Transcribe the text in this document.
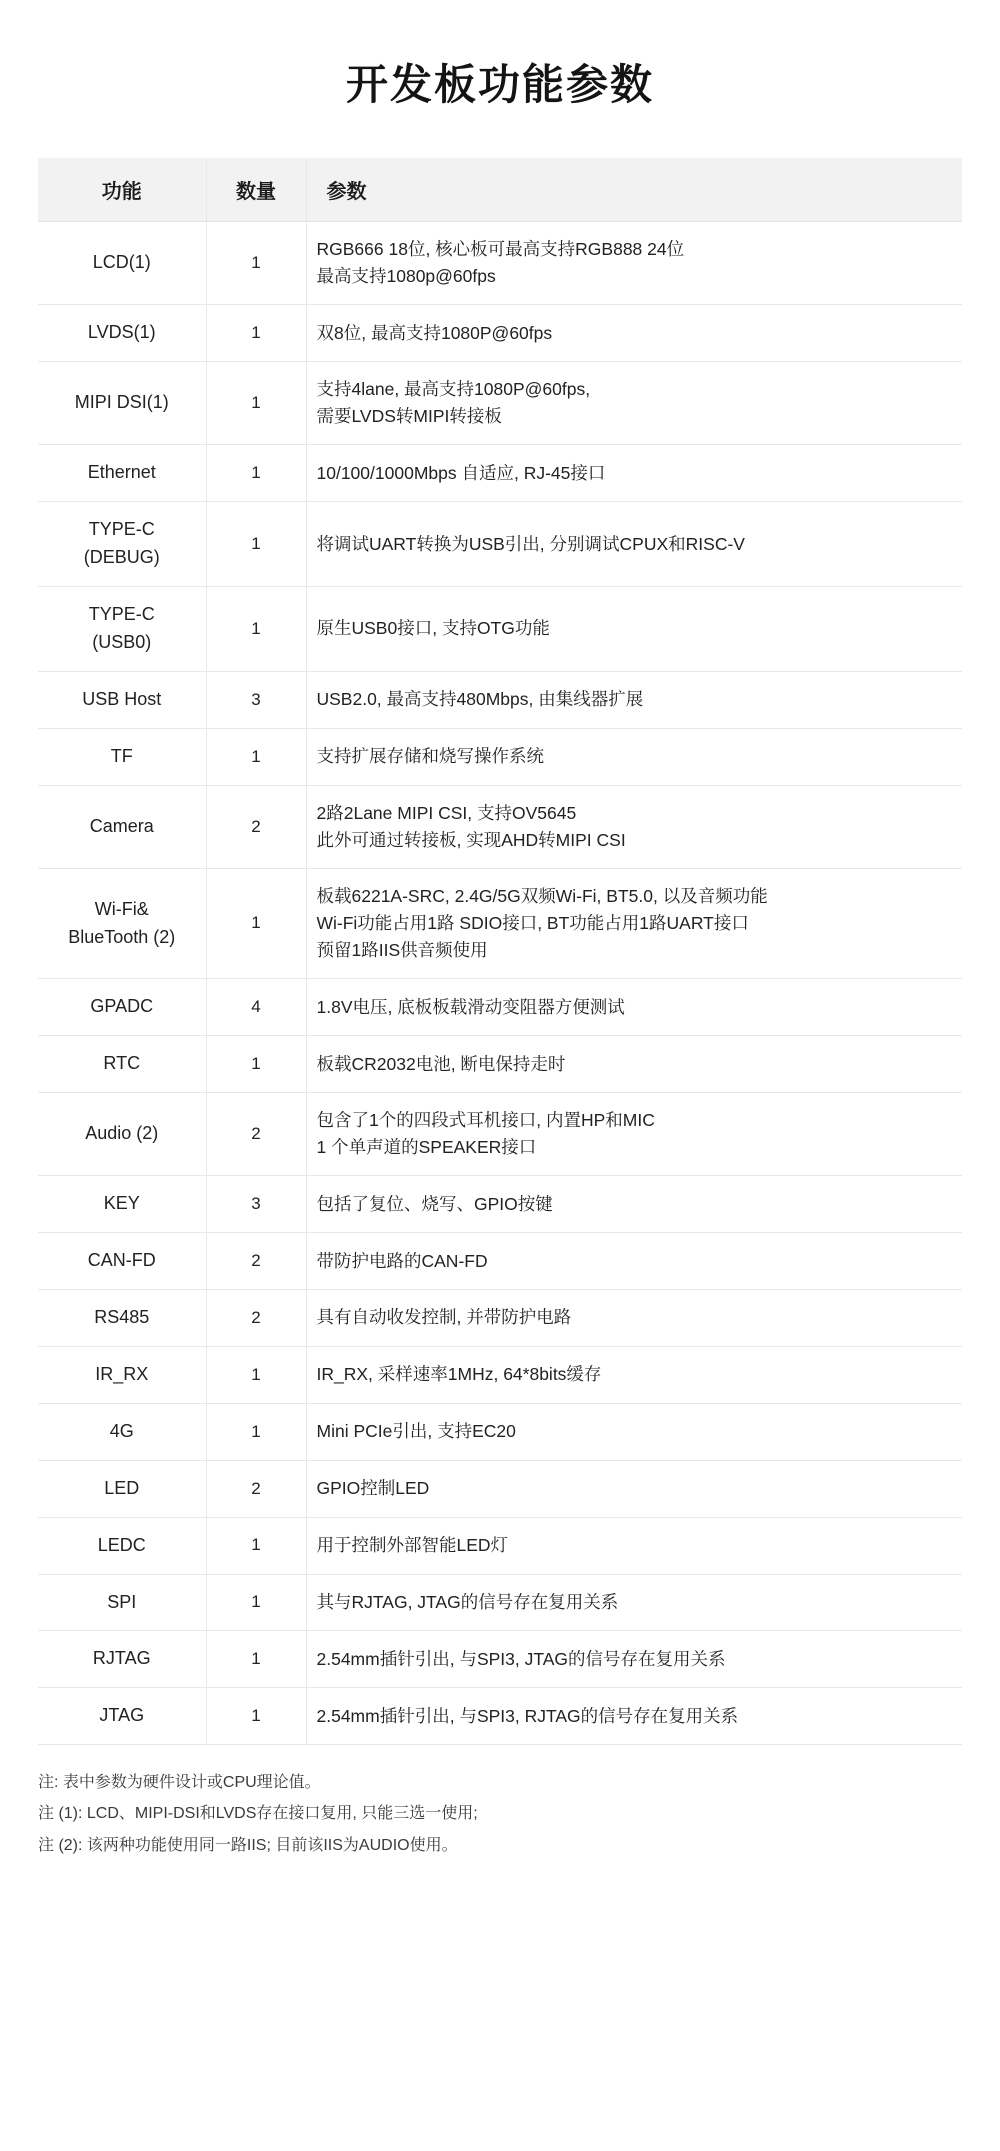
开发板功能参数
功能	数量	参数

LCD(1)	1	RGB666 18位, 核心板可最高支持RGB888 24位
最高支持1080p@60fps

LVDS(1)	1	双8位, 最高支持1080P@60fps

MIPI DSI(1)	1	支持4lane, 最高支持1080P@60fps,
需要LVDS转MIPI转接板

Ethernet	1	10/100/1000Mbps 自适应, RJ-45接口

TYPE-C
(DEBUG)	1	将调试UART转换为USB引出, 分别调试CPUX和RISC-V

TYPE-C
(USB0)	1	原生USB0接口, 支持OTG功能

USB Host	3	USB2.0, 最高支持480Mbps, 由集线器扩展

TF	1	支持扩展存储和烧写操作系统

Camera	2	2路2Lane MIPI CSI, 支持OV5645
此外可通过转接板, 实现AHD转MIPI CSI

Wi-Fi&
BlueTooth (2)	1	板载6221A-SRC, 2.4G/5G双频Wi-Fi, BT5.0, 以及音频功能
Wi-Fi功能占用1路 SDIO接口, BT功能占用1路UART接口
预留1路IIS供音频使用

GPADC	4	1.8V电压, 底板板载滑动变阻器方便测试

RTC	1	板载CR2032电池, 断电保持走时

Audio (2)	2	包含了1个的四段式耳机接口, 内置HP和MIC
1 个单声道的SPEAKER接口

KEY	3	包括了复位、烧写、GPIO按键

CAN-FD	2	带防护电路的CAN-FD

RS485	2	具有自动收发控制, 并带防护电路

IR_RX	1	IR_RX, 采样速率1MHz, 64*8bits缓存

4G	1	Mini PCIe引出, 支持EC20

LED	2	GPIO控制LED

LEDC	1	用于控制外部智能LED灯

SPI	1	其与RJTAG, JTAG的信号存在复用关系

RJTAG	1	2.54mm插针引出, 与SPI3, JTAG的信号存在复用关系

JTAG	1	2.54mm插针引出, 与SPI3, RJTAG的信号存在复用关系
注: 表中参数为硬件设计或CPU理论值。
注 (1): LCD、MIPI-DSI和LVDS存在接口复用, 只能三选一使用;
注 (2): 该两种功能使用同一路IIS; 目前该IIS为AUDIO使用。
